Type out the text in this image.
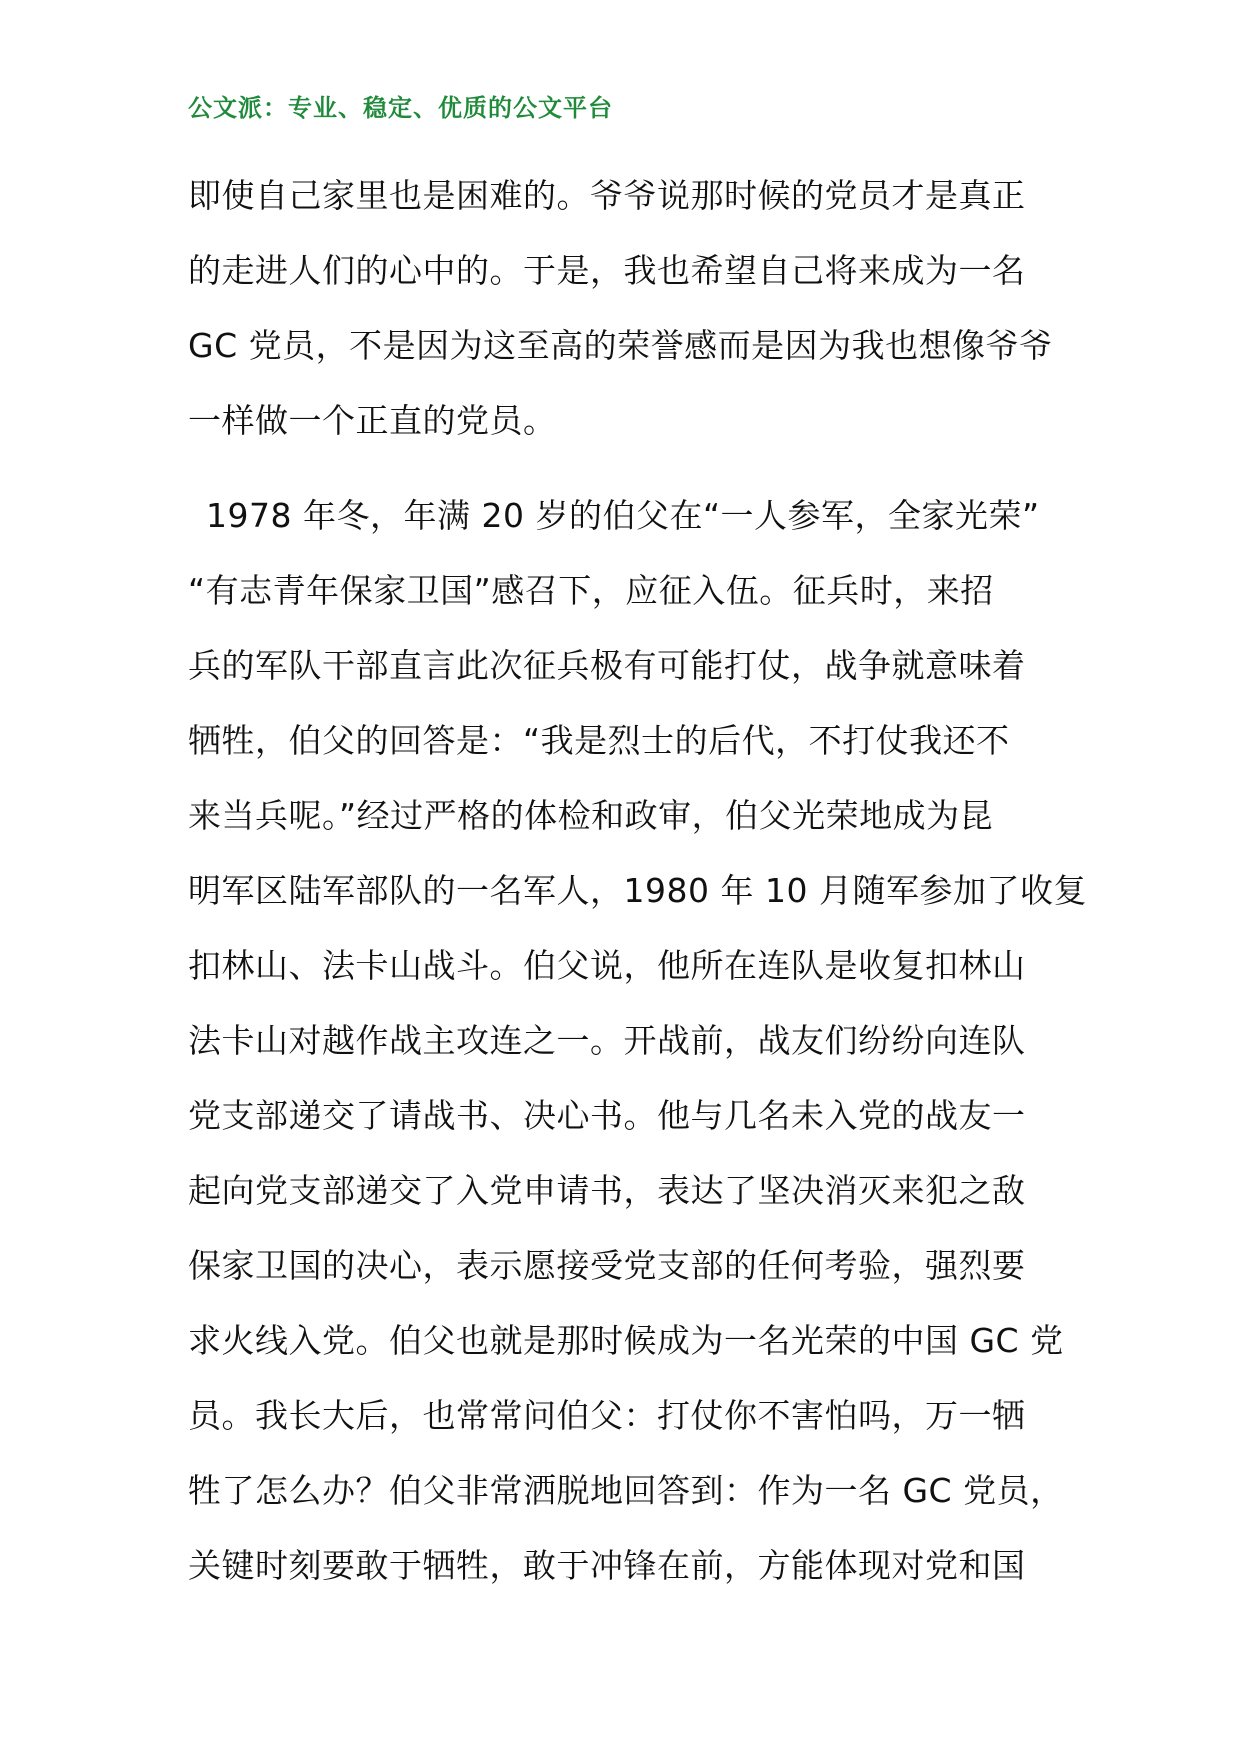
公文派：专业、稳定、优质的公文平台
即使自己家里也是困难的。爷爷说那时候的党员才是真正
的走进人们的心中的。于是，我也希望自己将来成为一名
GC 党员，不是因为这至高的荣誉感而是因为我也想像爷爷
一样做一个正直的党员。
1978 年冬，年满 20 岁的伯父在“一人参军，全家光荣”
“有志青年保家卫国”感召下，应征入伍。征兵时，来招
兵的军队干部直言此次征兵极有可能打仗，战争就意味着
牺牲，伯父的回答是：“我是烈士的后代，不打仗我还不
来当兵呢。”经过严格的体检和政审，伯父光荣地成为昆
明军区陆军部队的一名军人，1980 年 10 月随军参加了收复
扣林山、法卡山战斗。伯父说，他所在连队是收复扣林山
法卡山对越作战主攻连之一。开战前，战友们纷纷向连队
党支部递交了请战书、决心书。他与几名未入党的战友一
起向党支部递交了入党申请书，表达了坚决消灭来犯之敌
保家卫国的决心，表示愿接受党支部的任何考验，强烈要
求火线入党。伯父也就是那时候成为一名光荣的中国 GC 党
员。我长大后，也常常问伯父：打仗你不害怕吗，万一牺
牲了怎么办？伯父非常洒脱地回答到：作为一名 GC 党员，
关键时刻要敢于牺牲，敢于冲锋在前，方能体现对党和国
